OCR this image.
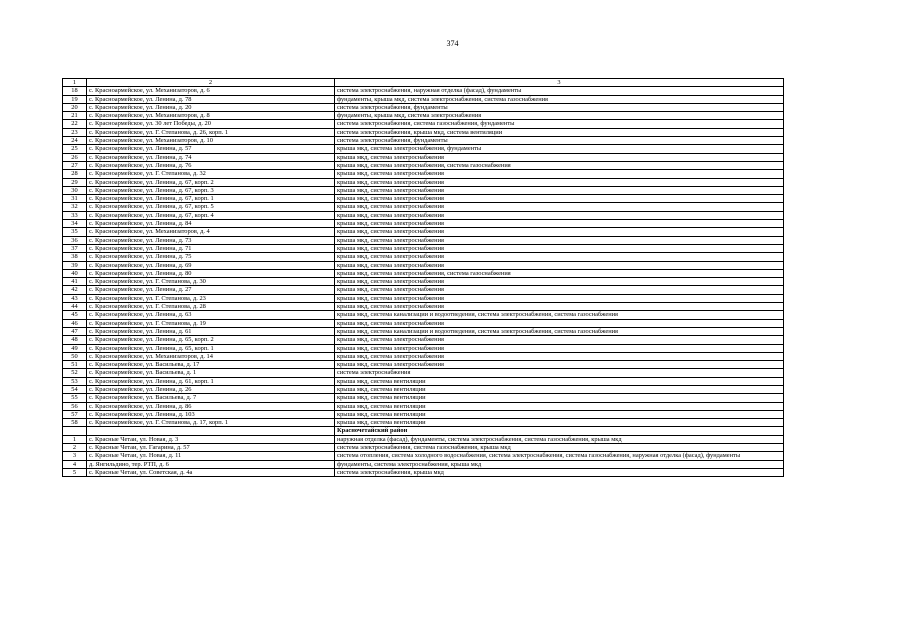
374
1	2	3
18	с. Красноармейское, ул. Механизаторов, д. 6	система электроснабжения, наружная отделка (фасад), фундаменты
19	с. Красноармейское, ул. Ленина, д. 78	фундаменты, крыша мкд, система электроснабжения, система газоснабжения
20	с. Красноармейское, ул. Ленина, д. 20	система электроснабжения, фундаменты
21	с. Красноармейское, ул. Механизаторов, д. 8	фундаменты, крыша мкд, система электроснабжения
22	с. Красноармейское, ул. 30 лет Победы, д. 20	система электроснабжения, система газоснабжения, фундаменты
23	с. Красноармейское, ул. Г. Степанова, д. 26, корп. 1	система электроснабжения, крыша мкд, система вентиляции
24	с. Красноармейское, ул. Механизаторов, д. 10	система электроснабжения, фундаменты
25	с. Красноармейское, ул. Ленина, д. 57	крыша мкд, система электроснабжения, фундаменты
26	с. Красноармейское, ул. Ленина, д. 74	крыша мкд, система электроснабжения
27	с. Красноармейское, ул. Ленина, д. 76	крыша мкд, система электроснабжения, система газоснабжения
28	с. Красноармейское, ул. Г. Степанова, д. 32	крыша мкд, система электроснабжения
29	с. Красноармейское, ул. Ленина, д. 67, корп. 2	крыша мкд, система электроснабжения
30	с. Красноармейское, ул. Ленина, д. 67, корп. 3	крыша мкд, система электроснабжения
31	с. Красноармейское, ул. Ленина, д. 67, корп. 1	крыша мкд, система электроснабжения
32	с. Красноармейское, ул. Ленина, д. 67, корп. 5	крыша мкд, система электроснабжения
33	с. Красноармейское, ул. Ленина, д. 67, корп. 4	крыша мкд, система электроснабжения
34	с. Красноармейское, ул. Ленина, д. 84	крыша мкд, система электроснабжения
35	с. Красноармейское, ул. Механизаторов, д. 4	крыша мкд, система электроснабжения
36	с. Красноармейское, ул. Ленина, д. 73	крыша мкд, система электроснабжения
37	с. Красноармейское, ул. Ленина, д. 71	крыша мкд, система электроснабжения
38	с. Красноармейское, ул. Ленина, д. 75	крыша мкд, система электроснабжения
39	с. Красноармейское, ул. Ленина, д. 69	крыша мкд, система электроснабжения
40	с. Красноармейское, ул. Ленина, д. 80	крыша мкд, система электроснабжения, система газоснабжения
41	с. Красноармейское, ул. Г. Степанова, д. 30	крыша мкд, система электроснабжения
42	с. Красноармейское, ул. Ленина, д. 27	крыша мкд, система электроснабжения
43	с. Красноармейское, ул. Г. Степанова, д. 23	крыша мкд, система электроснабжения
44	с. Красноармейское, ул. Г. Степанова, д. 28	крыша мкд, система электроснабжения
45	с. Красноармейское, ул. Ленина, д. 63	крыша мкд, система канализации и водоотведения, система электроснабжения, система газоснабжения
46	с. Красноармейское, ул. Г. Степанова, д. 19	крыша мкд, система электроснабжения
47	с. Красноармейское, ул. Ленина, д. 61	крыша мкд, система канализации и водоотведения, система электроснабжения, система газоснабжения
48	с. Красноармейское, ул. Ленина, д. 65, корп. 2	крыша мкд, система электроснабжения
49	с. Красноармейское, ул. Ленина, д. 65, корп. 1	крыша мкд, система электроснабжения
50	с. Красноармейское, ул. Механизаторов, д. 14	крыша мкд, система электроснабжения
51	с. Красноармейское, ул. Васильева, д. 17	крыша мкд, система электроснабжения
52	с. Красноармейское, ул. Васильева, д. 1	система электроснабжения
53	с. Красноармейское, ул. Ленина, д. 61, корп. 1	крыша мкд, система вентиляции
54	с. Красноармейское, ул. Ленина, д. 26	крыша мкд, система вентиляции
55	с. Красноармейское, ул. Васильева, д. 7	крыша мкд, система вентиляции
56	с. Красноармейское, ул. Ленина, д. 86	крыша мкд, система вентиляции
57	с. Красноармейское, ул. Ленина, д. 103	крыша мкд, система вентиляции
58	с. Красноармейское, ул. Г. Степанова, д. 17, корп. 1	крыша мкд, система вентиляции
		Красночетайский район
1	с. Красные Четаи, ул. Новая, д. 3	наружная отделка (фасад), фундаменты, система электроснабжения, система газоснабжения, крыша мкд
2	с. Красные Четаи, ул. Гагарина, д. 57	система электроснабжения, система газоснабжения, крыша мкд
3	с. Красные Четаи, ул. Новая, д. 11	система отопления, система холодного водоснабжения, система электроснабжения, система газоснабжения, наружная отделка (фасад), фундаменты
4	д. Янгильдино, тер. РТП, д. 6	фундаменты, система электроснабжения, крыша мкд
5	с. Красные Четаи, ул. Советская, д. 4а	система электроснабжения, крыша мкд
